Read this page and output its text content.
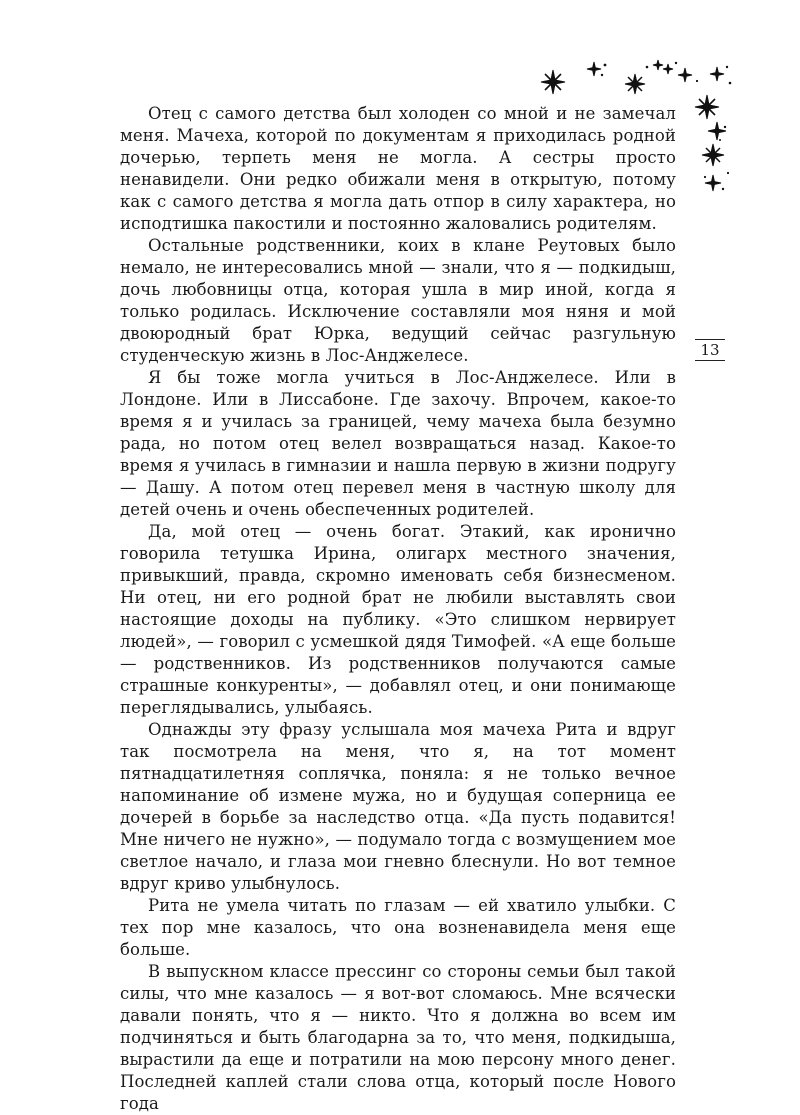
Отец с самого детства был холоден со мной и не замечал меня. Мачеха, которой по документам я приходилась родной дочерью, терпеть меня не могла. А сестры просто ненавидели. Они редко обижали меня в открытую, потому как с самого детства я могла дать отпор в силу характера, но исподтишка пакостили и постоянно жаловались родителям.

Остальные родственники, коих в клане Реутовых было немало, не интересовались мной — знали, что я — подкидыш, дочь любовницы отца, которая ушла в мир иной, когда я только родилась. Исключение составляли моя няня и мой двоюродный брат Юрка, ведущий сейчас разгульную студенческую жизнь в Лос-Анджелесе.

Я бы тоже могла учиться в Лос-Анджелесе. Или в Лондоне. Или в Лиссабоне. Где захочу. Впрочем, какое-то время я и училась за границей, чему мачеха была безумно рада, но потом отец велел возвращаться назад. Какое-то время я училась в гимназии и нашла первую в жизни подругу — Дашу. А потом отец перевел меня в частную школу для детей очень и очень обеспеченных родителей.

Да, мой отец — очень богат. Этакий, как иронично говорила тетушка Ирина, олигарх местного значения, привыкший, правда, скромно именовать себя бизнесменом. Ни отец, ни его родной брат не любили выставлять свои настоящие доходы на публику. «Это слишком нервирует людей», — говорил с усмешкой дядя Тимофей. «А еще больше — родственников. Из родственников получаются самые страшные конкуренты», — добавлял отец, и они понимающе переглядывались, улыбаясь.

Однажды эту фразу услышала моя мачеха Рита и вдруг так посмотрела на меня, что я, на тот момент пятнадцатилетняя соплячка, поняла: я не только вечное напоминание об измене мужа, но и будущая соперница ее дочерей в борьбе за наследство отца. «Да пусть подавится! Мне ничего не нужно», — подумало тогда с возмущением мое светлое начало, и глаза мои гневно блеснули. Но вот темное вдруг криво улыбнулось.

Рита не умела читать по глазам — ей хватило улыбки. С тех пор мне казалось, что она возненавидела меня еще больше.

В выпускном классе прессинг со стороны семьи был такой силы, что мне казалось — я вот-вот сломаюсь. Мне всячески давали понять, что я — никто. Что я должна во всем им подчиняться и быть благодарна за то, что меня, подкидыша, вырастили да еще и потратили на мою персону много денег. Последней каплей стали слова отца, который после Нового года

13
